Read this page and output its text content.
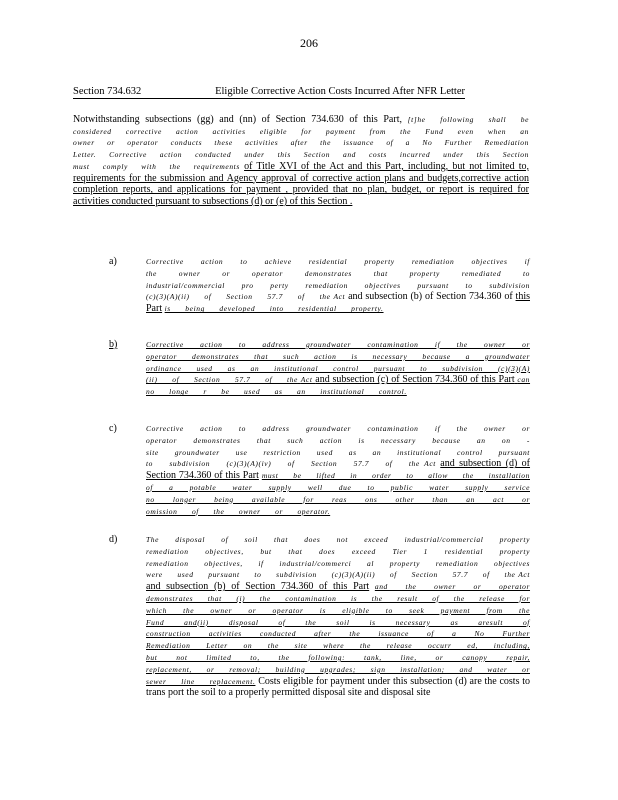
206
Section 734.632	Eligible Corrective Action Costs Incurred After NFR Letter
Notwithstanding subsections (gg) and (nn) of Section 734.630 of this Part, [t]he following shall be considered corrective action activities eligible for payment from the Fund even when an owner or operator conducts these activities after the issuance of a No Further Remediation Letter. Corrective action conducted under this Section and costs incurred under this Section must comply with the requirements of Title XVI of the Act and this Part, including, but not limited to, requirements for the submission and Agency approval of corrective action plans and budgets,corrective action completion reports, and applications for payment , provided that no plan, budget, or report is required for activities conducted pursuant to subsections (d) or (e) of this Section .
a)	Corrective action to achieve residential property remediation objectives if the owner or operator demonstrates that property remediated to industrial/commercial pro perty remediation objectives pursuant to subdivision (c)(3)(A)(ii) of Section 57.7 of the Act and subsection (b) of Section 734.360 of this Part is being developed into residential property.
b)	Corrective action to address groundwater contamination if the owner or operator demonstrates that such action is necessary because a groundwater ordinance used as an institutional control pursuant to subdivision (c)(3)(A)(ii) of Section 57.7 of the Act and subsection (c) of Section 734.360 of this Part can no longe r be used as an institutional control.
c)	Corrective action to address groundwater contamination if the owner or operator demonstrates that such action is necessary because an on - site groundwater use restriction used as an institutional control pursuant to subdivision (c)(3)(A)(iv) of Section 57.7 of the Act and subsection (d) of Section 734.360 of this Part must be lifted in order to allow the installation of a potable water supply well due to public water supply service no longer being available for reas ons other than an act or omission of the owner or operator.
d)	The disposal of soil that does not exceed industrial/commercial property remediation objectives, but that does exceed Tier 1 residential property remediation objectives, if industrial/commerci al property remediation objectives were used pursuant to subdivision (c)(3)(A)(ii) of Section 57.7 of the Act and subsection (b) of Section 734.360 of this Part and the owner or operator demonstrates that (i) the contamination is the result of the release for which the owner or operator is eligible to seek payment from the Fund and(ii) disposal of the soil is necessary as aresult of construction activities conducted after the issuance of a No Further Remediation Letter on the site where the release occurr ed, including, but not limited to, the following: tank, line, or canopy repair, replacement, or removal; building upgrades; sign installation; and water or sewer line replacement. Costs eligible for payment under this subsection (d) are the costs to trans port the soil to a properly permitted disposal site and disposal site
